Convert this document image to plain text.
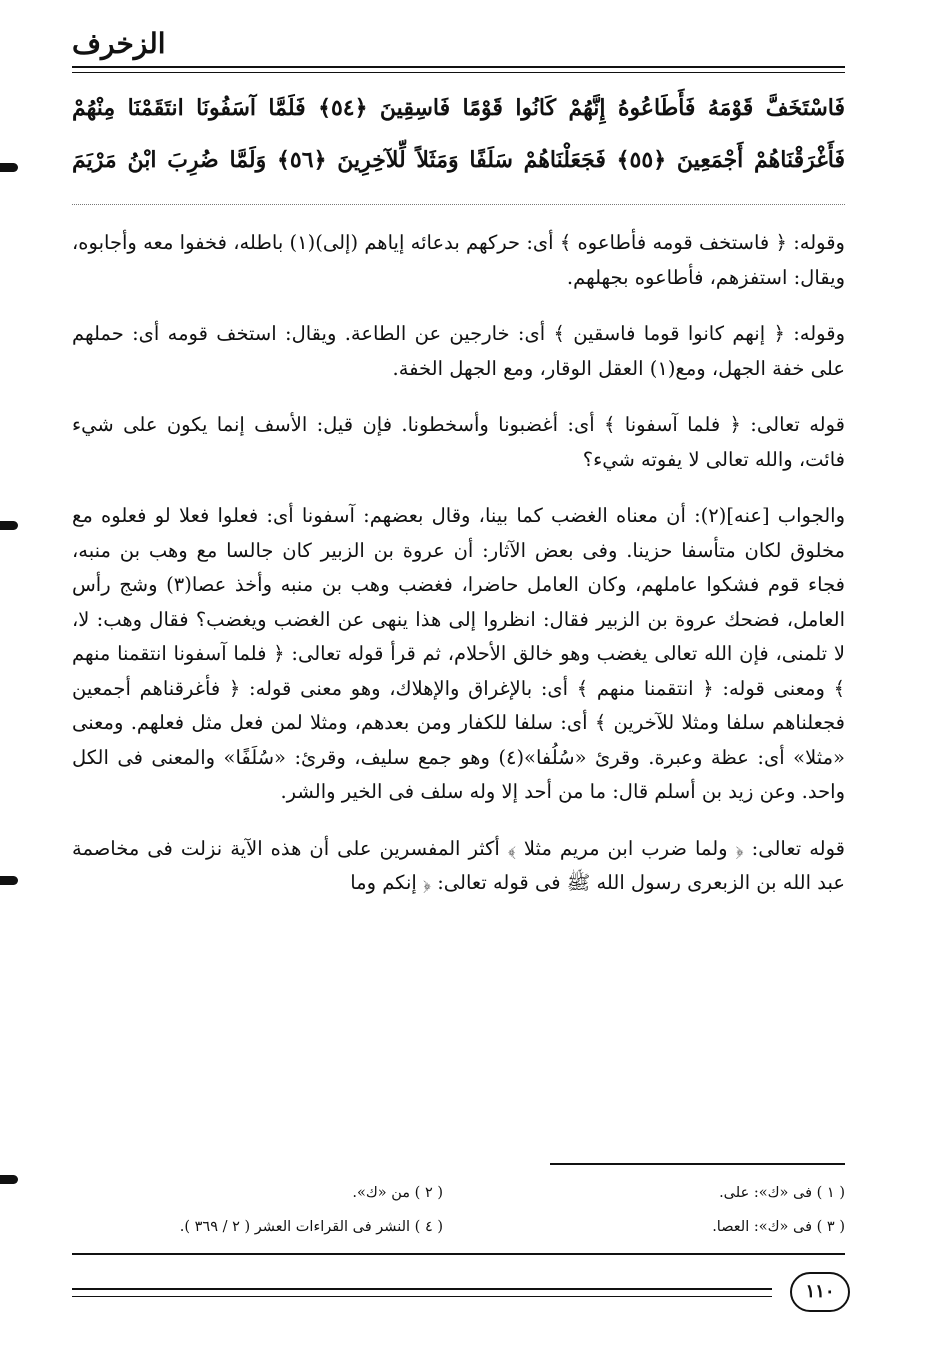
الزخرف
فَاسْتَخَفَّ قَوْمَهُ فَأَطَاعُوهُ إِنَّهُمْ كَانُوا قَوْمًا فَاسِقِينَ ﴿٥٤﴾ فَلَمَّا آسَفُونَا انتَقَمْنَا مِنْهُمْ
فَأَغْرَقْنَاهُمْ أَجْمَعِينَ ﴿٥٥﴾ فَجَعَلْنَاهُمْ سَلَفًا وَمَثَلاً لِّلآخِرِينَ ﴿٥٦﴾ وَلَمَّا ضُرِبَ ابْنُ مَرْيَمَ

وقوله: ﴿ فاستخف قومه فأطاعوه ﴾ أى: حركهم بدعائه إياهم (إلى)(١) باطله، فخفوا معه وأجابوه، ويقال: استفزهم، فأطاعوه بجهلهم.

وقوله: ﴿ إنهم كانوا قوما فاسقين ﴾ أى: خارجين عن الطاعة. ويقال: استخف قومه أى: حملهم على خفة الجهل، ومع(١) العقل الوقار، ومع الجهل الخفة.

قوله تعالى: ﴿ فلما آسفونا ﴾ أى: أغضبونا وأسخطونا. فإن قيل: الأسف إنما يكون على شيء فائت، والله تعالى لا يفوته شيء؟

والجواب [عنه](٢): أن معناه الغضب كما بينا، وقال بعضهم: آسفونا أى: فعلوا فعلا لو فعلوه مع مخلوق لكان متأسفا حزينا. وفى بعض الآثار: أن عروة بن الزبير كان جالسا مع وهب بن منبه، فجاء قوم فشكوا عاملهم، وكان العامل حاضرا، فغضب وهب بن منبه وأخذ عصا(٣) وشج رأس العامل، فضحك عروة بن الزبير فقال: انظروا إلى هذا ينهى عن الغضب ويغضب؟ فقال وهب: لا، لا تلمنى، فإن الله تعالى يغضب وهو خالق الأحلام، ثم قرأ قوله تعالى: ﴿ فلما آسفونا انتقمنا منهم ﴾ ومعنى قوله: ﴿ انتقمنا منهم ﴾ أى: بالإغراق والإهلاك، وهو معنى قوله: ﴿ فأغرقناهم أجمعين فجعلناهم سلفا ومثلا للآخرين ﴾ أى: سلفا للكفار ومن بعدهم، ومثلا لمن فعل مثل فعلهم. ومعنى «مثلا» أى: عظة وعبرة. وقرئ «سُلُفا»(٤) وهو جمع سليف، وقرئ: «سُلَفًا» والمعنى فى الكل واحد. وعن زيد بن أسلم قال: ما من أحد إلا وله سلف فى الخير والشر.

قوله تعالى: ﴿ ولما ضرب ابن مريم مثلا ﴾ أكثر المفسرين على أن هذه الآية نزلت فى مخاصمة عبد الله بن الزبعرى رسول الله ﷺ فى قوله تعالى: ﴿ إنكم وما

( ١ ) فى «ك»: على.
( ٢ ) من «ك».
( ٣ ) فى «ك»: العصا.
( ٤ ) النشر فى القراءات العشر ( ٢ / ٣٦٩ ).
١١٠
